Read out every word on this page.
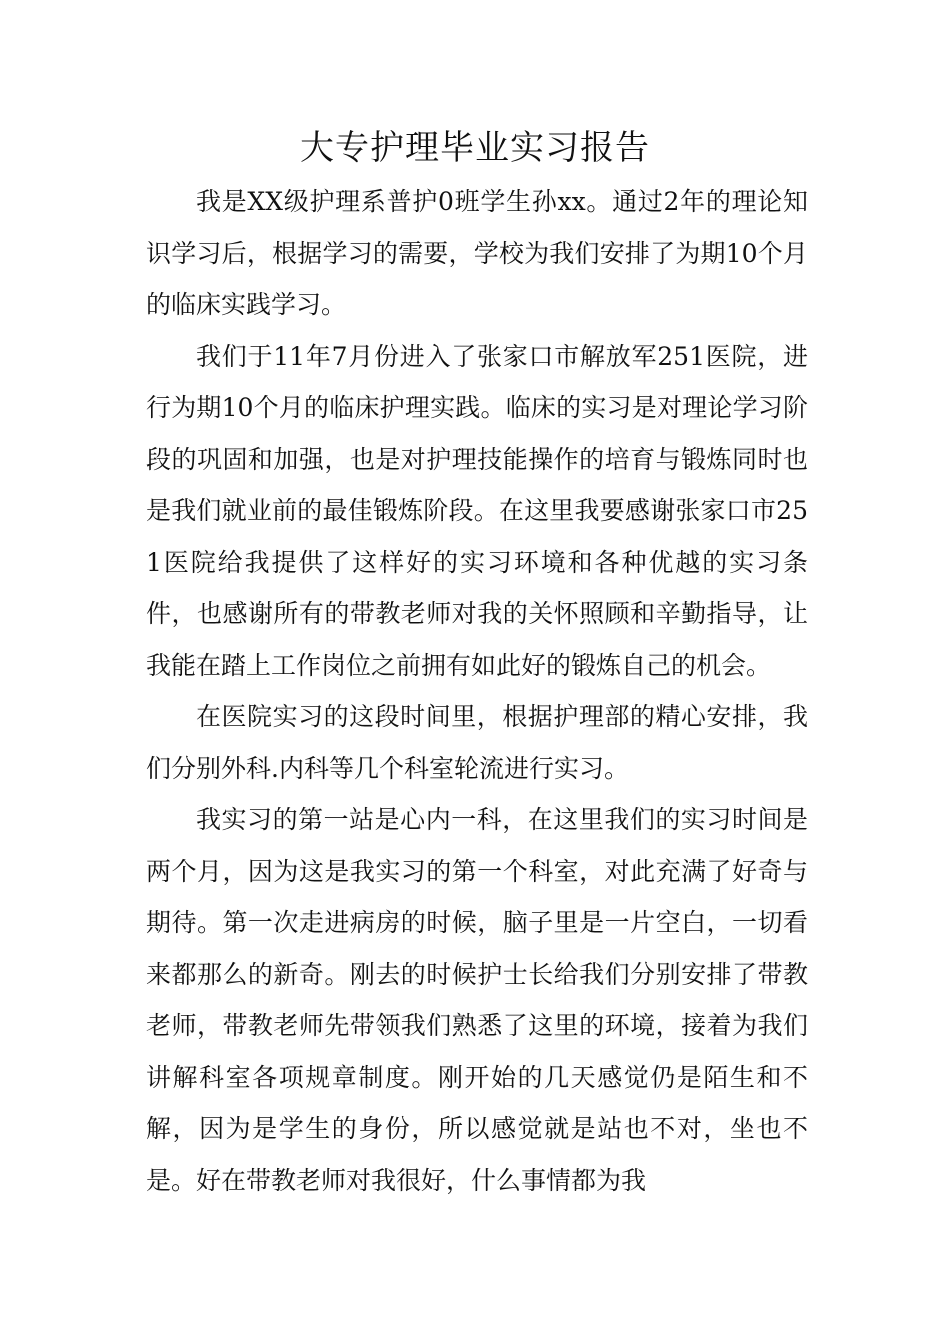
大专护理毕业实习报告

我是XX级护理系普护0班学生孙xx。通过2年的理论知识学习后，根据学习的需要，学校为我们安排了为期10个月的临床实践学习。

我们于11年7月份进入了张家口市解放军251医院，进行为期10个月的临床护理实践。临床的实习是对理论学习阶段的巩固和加强，也是对护理技能操作的培育与锻炼同时也是我们就业前的最佳锻炼阶段。在这里我要感谢张家口市251医院给我提供了这样好的实习环境和各种优越的实习条件，也感谢所有的带教老师对我的关怀照顾和辛勤指导，让我能在踏上工作岗位之前拥有如此好的锻炼自己的机会。

在医院实习的这段时间里，根据护理部的精心安排，我们分别外科.内科等几个科室轮流进行实习。

我实习的第一站是心内一科，在这里我们的实习时间是两个月，因为这是我实习的第一个科室，对此充满了好奇与期待。第一次走进病房的时候，脑子里是一片空白，一切看来都那么的新奇。刚去的时候护士长给我们分别安排了带教老师，带教老师先带领我们熟悉了这里的环境，接着为我们讲解科室各项规章制度。刚开始的几天感觉仍是陌生和不解，因为是学生的身份，所以感觉就是站也不对，坐也不是。好在带教老师对我很好，什么事情都为我
